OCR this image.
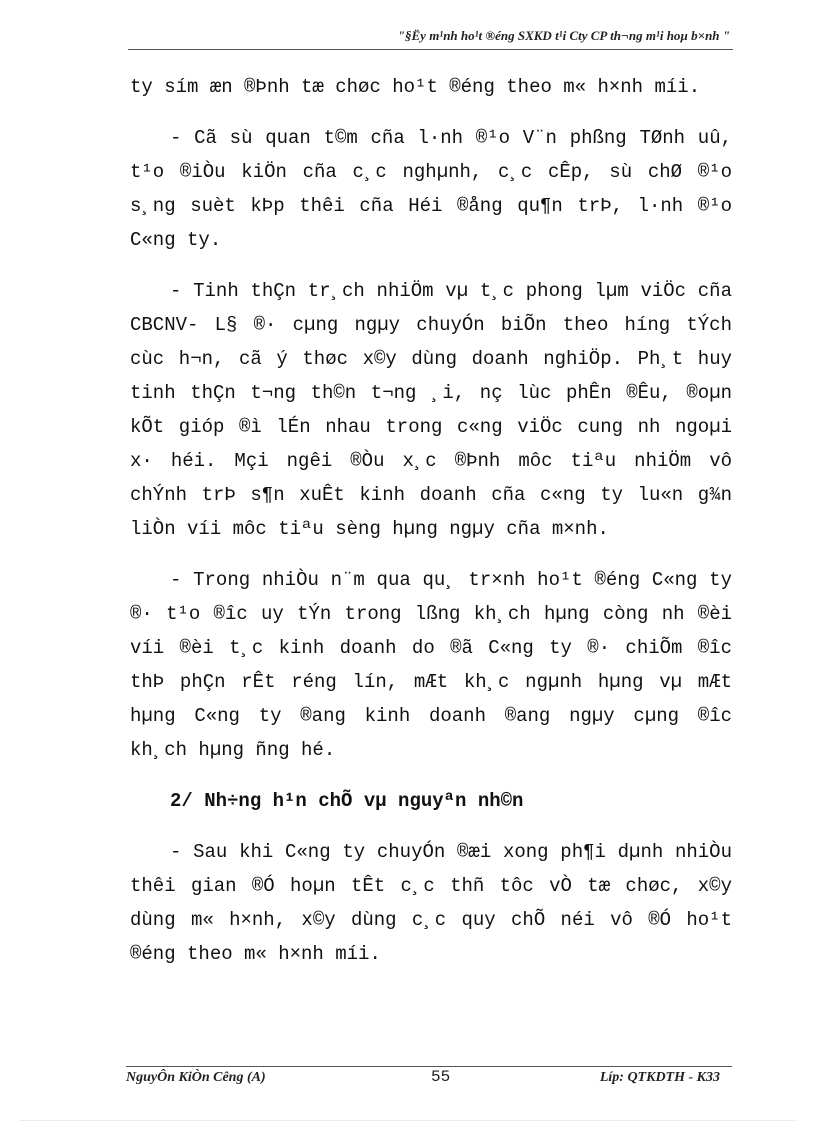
"§Ëy m¹nh ho¹t ®éng SXKD t¹i Cty CP th¬ng m¹i hoµ b×nh "

ty sím æn ®Þnh tæ chøc ho¹t ®éng theo m« h×nh míi.

- Cã sù quan t©m cña l·nh ®¹o V¨n phßng TØnh uû, t¹o ®iÒu kiÖn cña c¸c nghµnh, c¸c cÊp, sù chØ ®¹o s¸ng suèt kÞp thêi cña Héi ®ång qu¶n trÞ, l·nh ®¹o C«ng ty.

- Tinh thÇn tr¸ch nhiÖm vµ t¸c phong lµm viÖc cña CBCNV- L§ ®· cµng ngµy chuyÓn biÕn theo híng tÝch cùc h¬n, cã ý thøc x©y dùng doanh nghiÖp. Ph¸t huy tinh thÇn t¬ng th©n t¬ng ¸i, nç lùc phÊn ®Êu, ®oµn kÕt gióp ®ì lÉn nhau trong c«ng viÖc cung nh ngoµi x· héi. Mçi ngêi ®Òu x¸c ®Þnh môc tiªu nhiÖm vô chÝnh trÞ s¶n xuÊt kinh doanh cña c«ng ty lu«n g¾n liÒn víi môc tiªu sèng hµng ngµy cña m×nh.

- Trong nhiÒu n¨m qua qu¸ tr×nh ho¹t ®éng C«ng ty ®· t¹o ®îc uy tÝn trong lßng kh¸ch hµng còng nh ®èi víi ®èi t¸c kinh doanh do ®ã C«ng ty ®· chiÕm ®îc thÞ phÇn rÊt réng lín, mÆt kh¸c ngµnh hµng vµ mÆt hµng C«ng ty ®ang kinh doanh ®ang ngµy cµng ®îc kh¸ch hµng ñng hé.

2/ Nh÷ng h¹n chÕ vµ nguyªn nh©n

- Sau khi C«ng ty chuyÓn ®æi xong ph¶i dµnh nhiÒu thêi gian ®Ó hoµn tÊt c¸c thñ tôc vÒ tæ chøc, x©y dùng m« h×nh, x©y dùng c¸c quy chÕ néi vô ®Ó ho¹t ®éng theo m« h×nh míi.

NguyÔn KiÒn Cêng (A)	55	Líp: QTKDTH - K33
